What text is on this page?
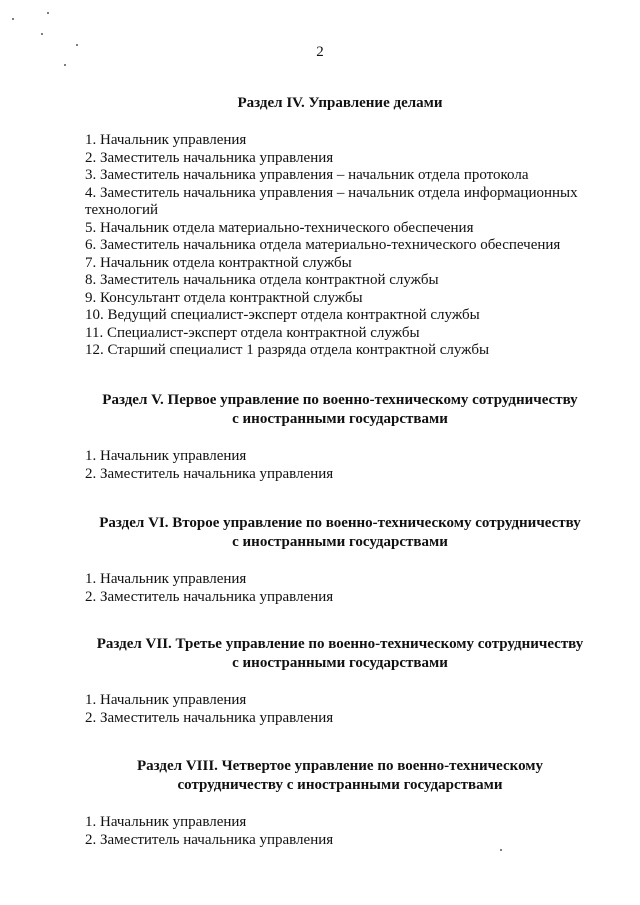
2
Раздел IV. Управление делами
1. Начальник управления
2. Заместитель начальника управления
3. Заместитель начальника управления – начальник отдела протокола
4. Заместитель начальника управления – начальник отдела информационных
технологий
5. Начальник отдела материально-технического обеспечения
6. Заместитель начальника отдела материально-технического обеспечения
7. Начальник отдела контрактной службы
8. Заместитель начальника отдела контрактной службы
9. Консультант отдела контрактной службы
10. Ведущий специалист-эксперт отдела контрактной службы
11. Специалист-эксперт отдела контрактной службы
12. Старший специалист 1 разряда отдела контрактной службы
Раздел V. Первое управление по военно-техническому сотрудничеству
с иностранными государствами
1. Начальник управления
2. Заместитель начальника управления
Раздел VI. Второе управление по военно-техническому сотрудничеству
с иностранными государствами
1. Начальник управления
2. Заместитель начальника управления
Раздел VII. Третье управление по военно-техническому сотрудничеству
с иностранными государствами
1. Начальник управления
2. Заместитель начальника управления
Раздел VIII. Четвертое управление по военно-техническому
сотрудничеству с иностранными государствами
1. Начальник управления
2. Заместитель начальника управления
